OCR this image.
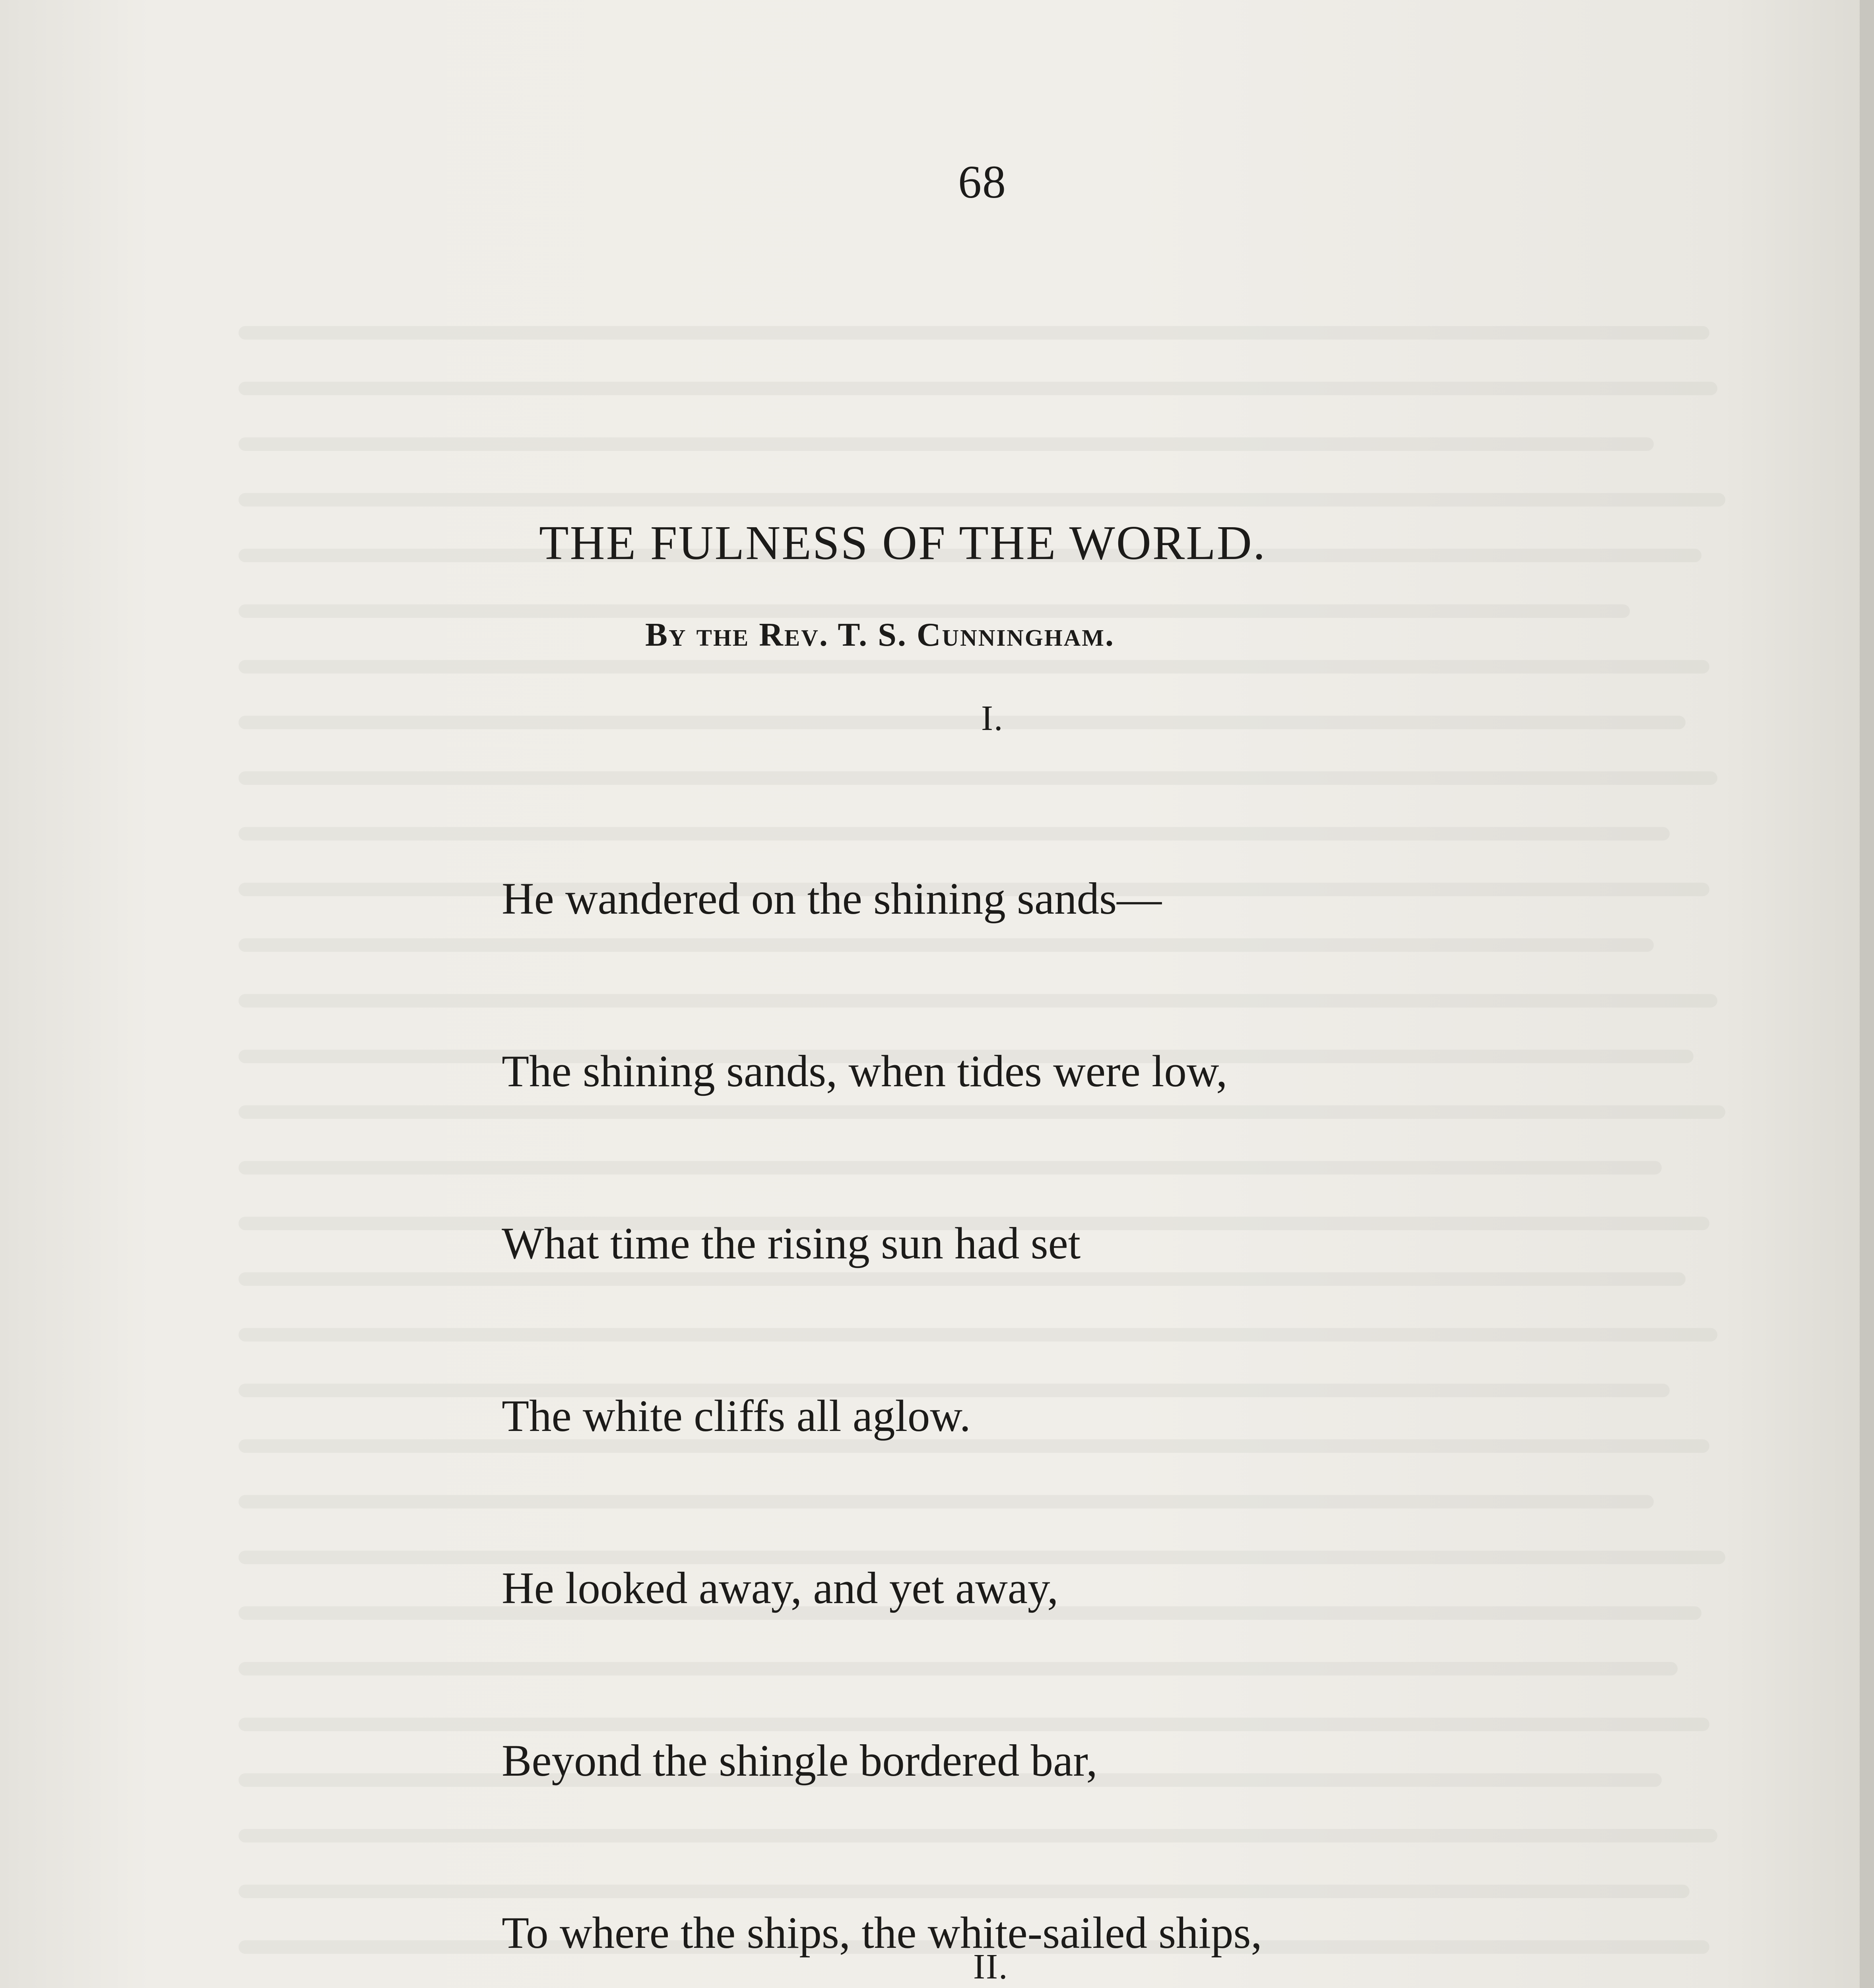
68
THE FULNESS OF THE WORLD.
By the Rev. T. S. Cunningham.
I.

He wandered on the shining sands—

The shining sands, when tides were low,

What time the rising sun had set

The white cliffs all aglow.

He looked away, and yet away,

Beyond the shingle bordered bar,

To where the ships, the white-sailed ships,

II.
